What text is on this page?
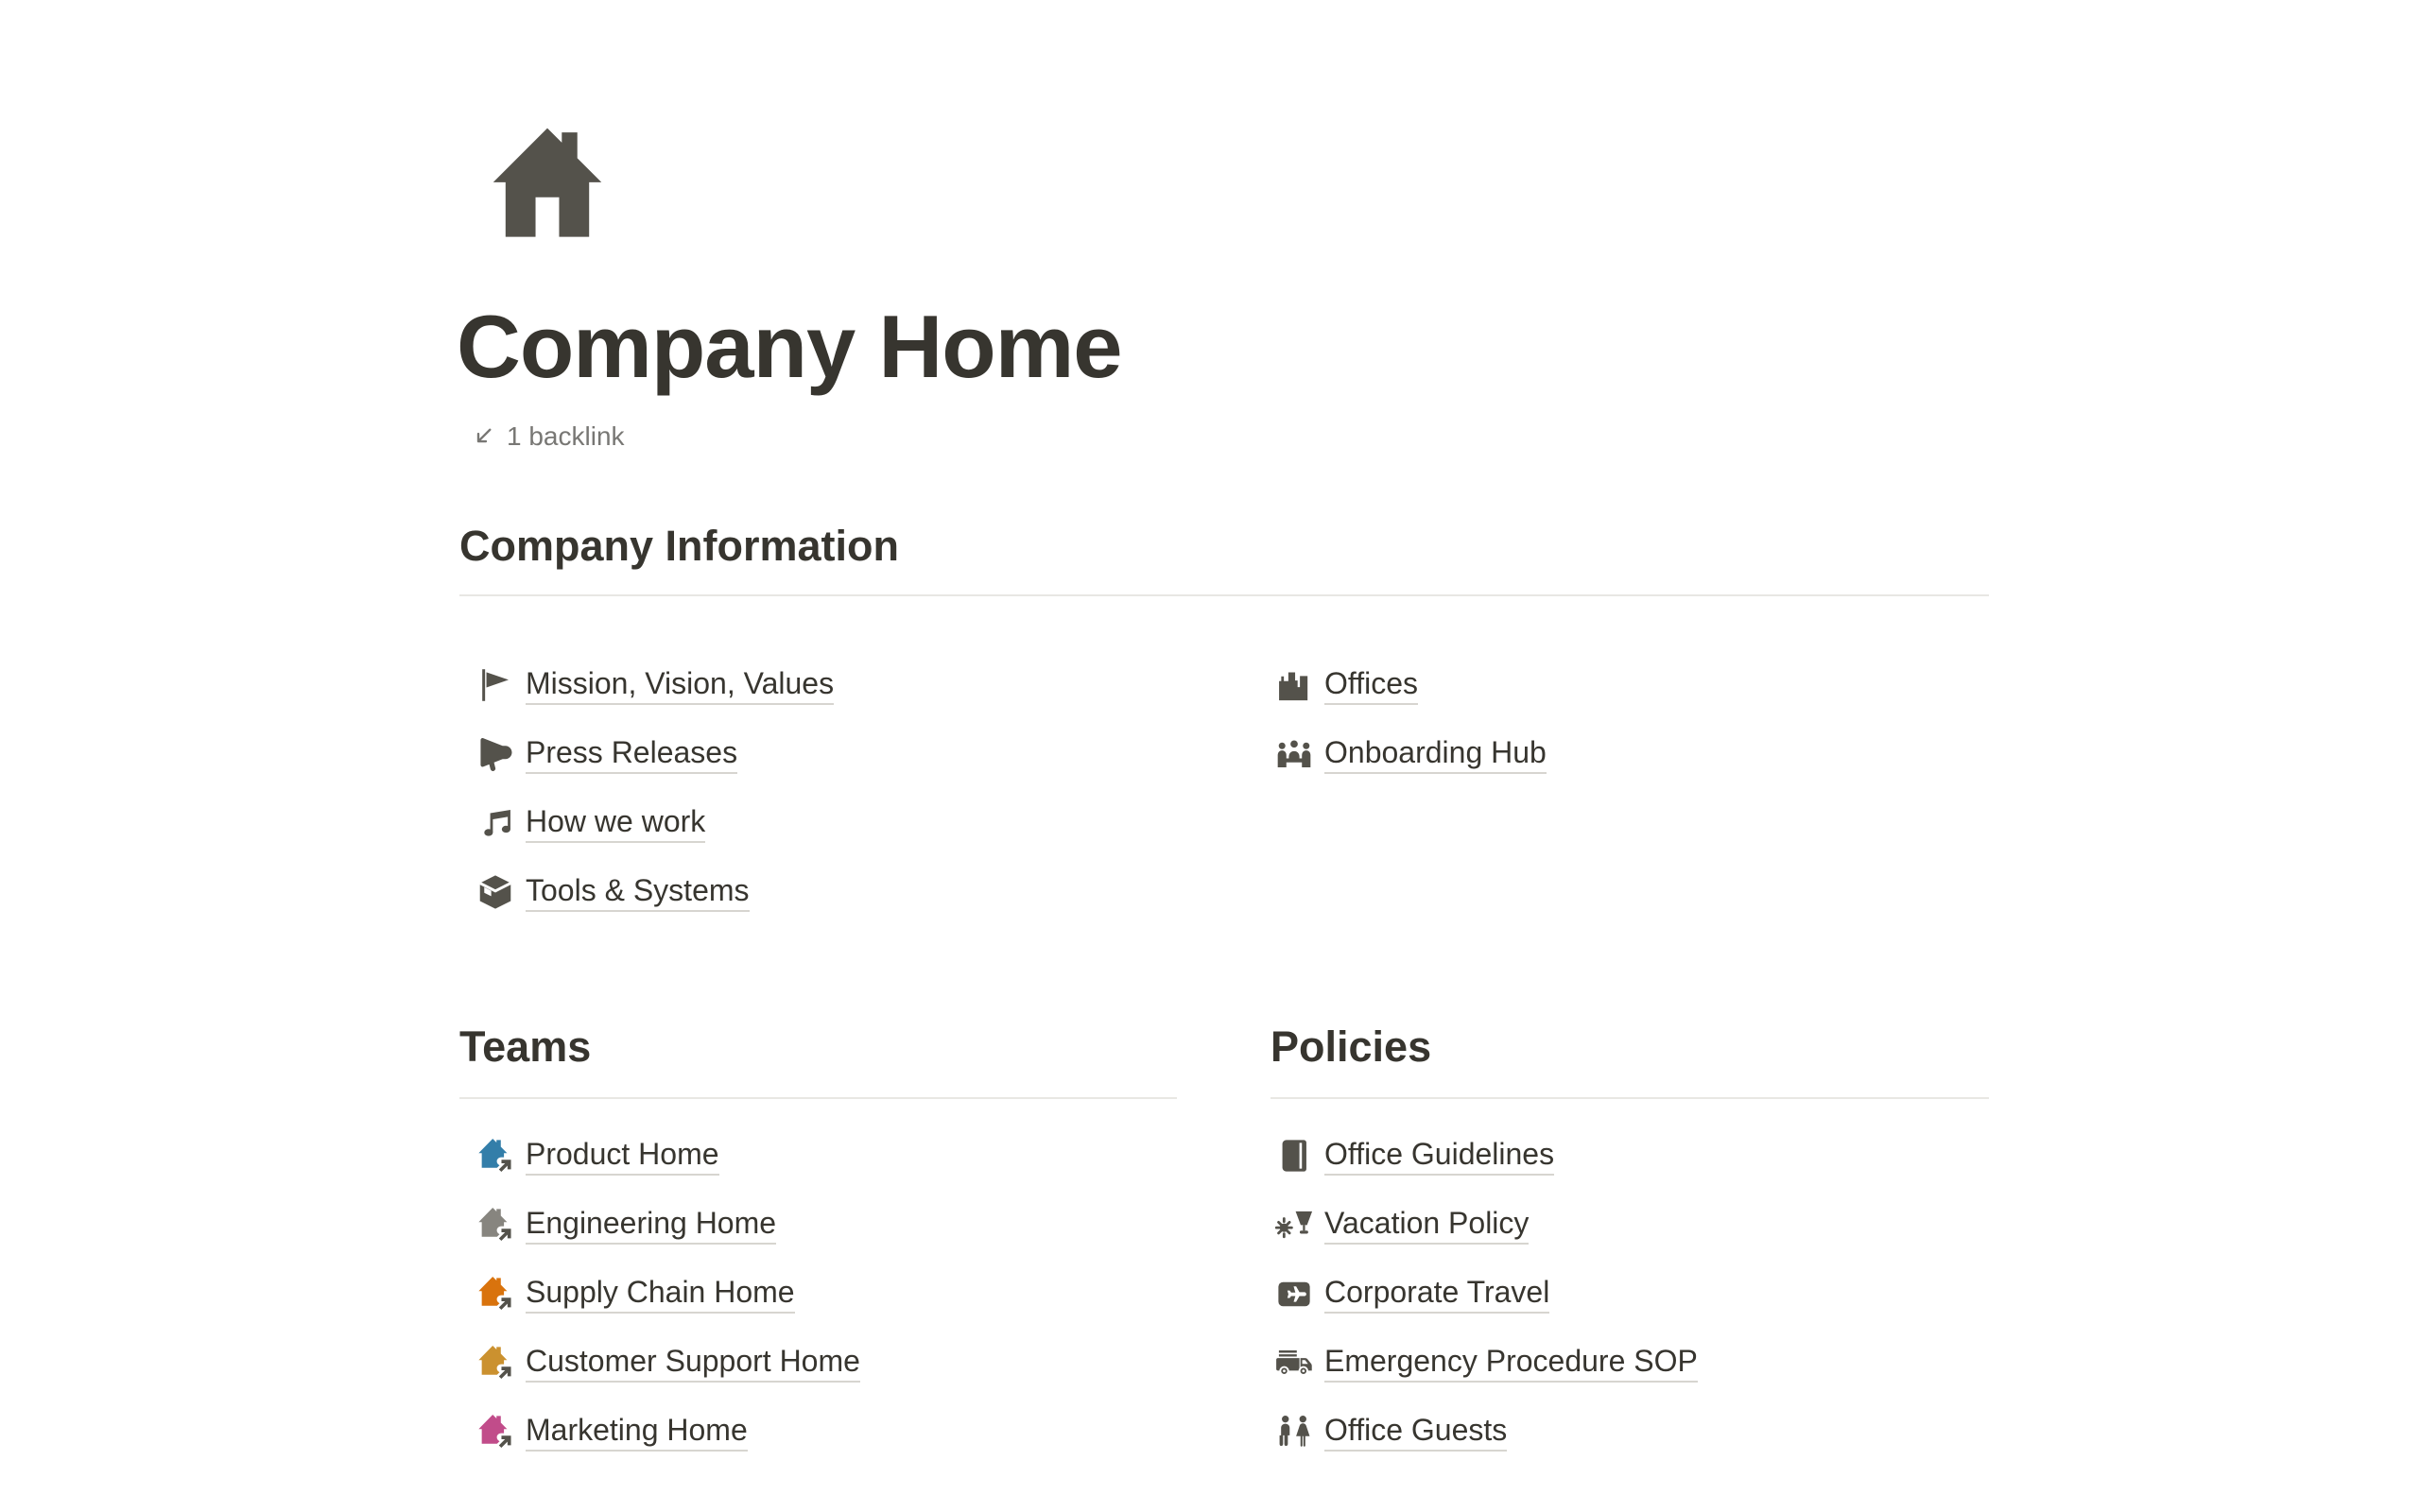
Company Home
1 backlink
Company Information
Mission, Vision, Values
Press Releases
How we work
Tools & Systems
Offices
Onboarding Hub
Teams
Product Home
Engineering Home
Supply Chain Home
Customer Support Home
Marketing Home
Policies
Office Guidelines
Vacation Policy
Corporate Travel
Emergency Procedure SOP
Office Guests
